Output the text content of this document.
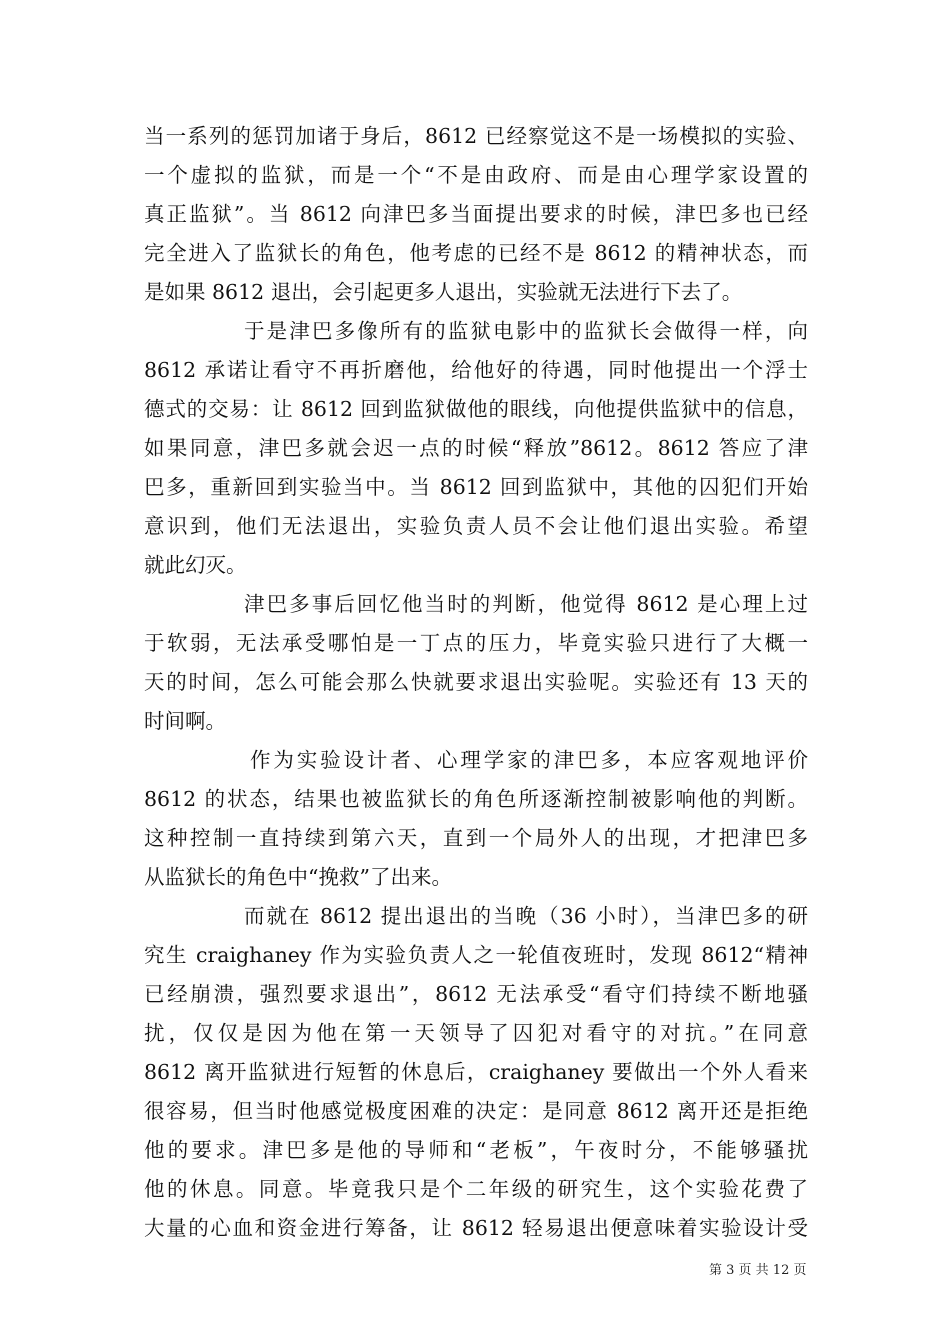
当一系列的惩罚加诸于身后，8612 已经察觉这不是一场模拟的实验、
一个虚拟的监狱，而是一个“不是由政府、而是由心理学家设置的
真正监狱”。当 8612 向津巴多当面提出要求的时候，津巴多也已经
完全进入了监狱长的角色，他考虑的已经不是 8612 的精神状态，而
是如果 8612 退出，会引起更多人退出，实验就无法进行下去了。
于是津巴多像所有的监狱电影中的监狱长会做得一样，向
8612 承诺让看守不再折磨他，给他好的待遇，同时他提出一个浮士
德式的交易：让 8612 回到监狱做他的眼线，向他提供监狱中的信息，
如果同意，津巴多就会迟一点的时候“释放”8612。8612 答应了津
巴多，重新回到实验当中。当 8612 回到监狱中，其他的囚犯们开始
意识到，他们无法退出，实验负责人员不会让他们退出实验。希望
就此幻灭。
津巴多事后回忆他当时的判断，他觉得 8612 是心理上过
于软弱，无法承受哪怕是一丁点的压力，毕竟实验只进行了大概一
天的时间，怎么可能会那么快就要求退出实验呢。实验还有 13 天的
时间啊。
作为实验设计者、心理学家的津巴多，本应客观地评价
8612 的状态，结果也被监狱长的角色所逐渐控制被影响他的判断。
这种控制一直持续到第六天，直到一个局外人的出现，才把津巴多
从监狱长的角色中“挽救”了出来。
而就在 8612 提出退出的当晚（36 小时），当津巴多的研
究生 craighaney 作为实验负责人之一轮值夜班时，发现 8612“精神
已经崩溃，强烈要求退出”，8612 无法承受“看守们持续不断地骚
扰，仅仅是因为他在第一天领导了囚犯对看守的对抗。”在同意
8612 离开监狱进行短暂的休息后，craighaney 要做出一个外人看来
很容易，但当时他感觉极度困难的决定：是同意 8612 离开还是拒绝
他的要求。津巴多是他的导师和“老板”，午夜时分，不能够骚扰
他的休息。同意。毕竟我只是个二年级的研究生，这个实验花费了
大量的心血和资金进行筹备，让 8612 轻易退出便意味着实验设计受
第 3 页 共 12 页
